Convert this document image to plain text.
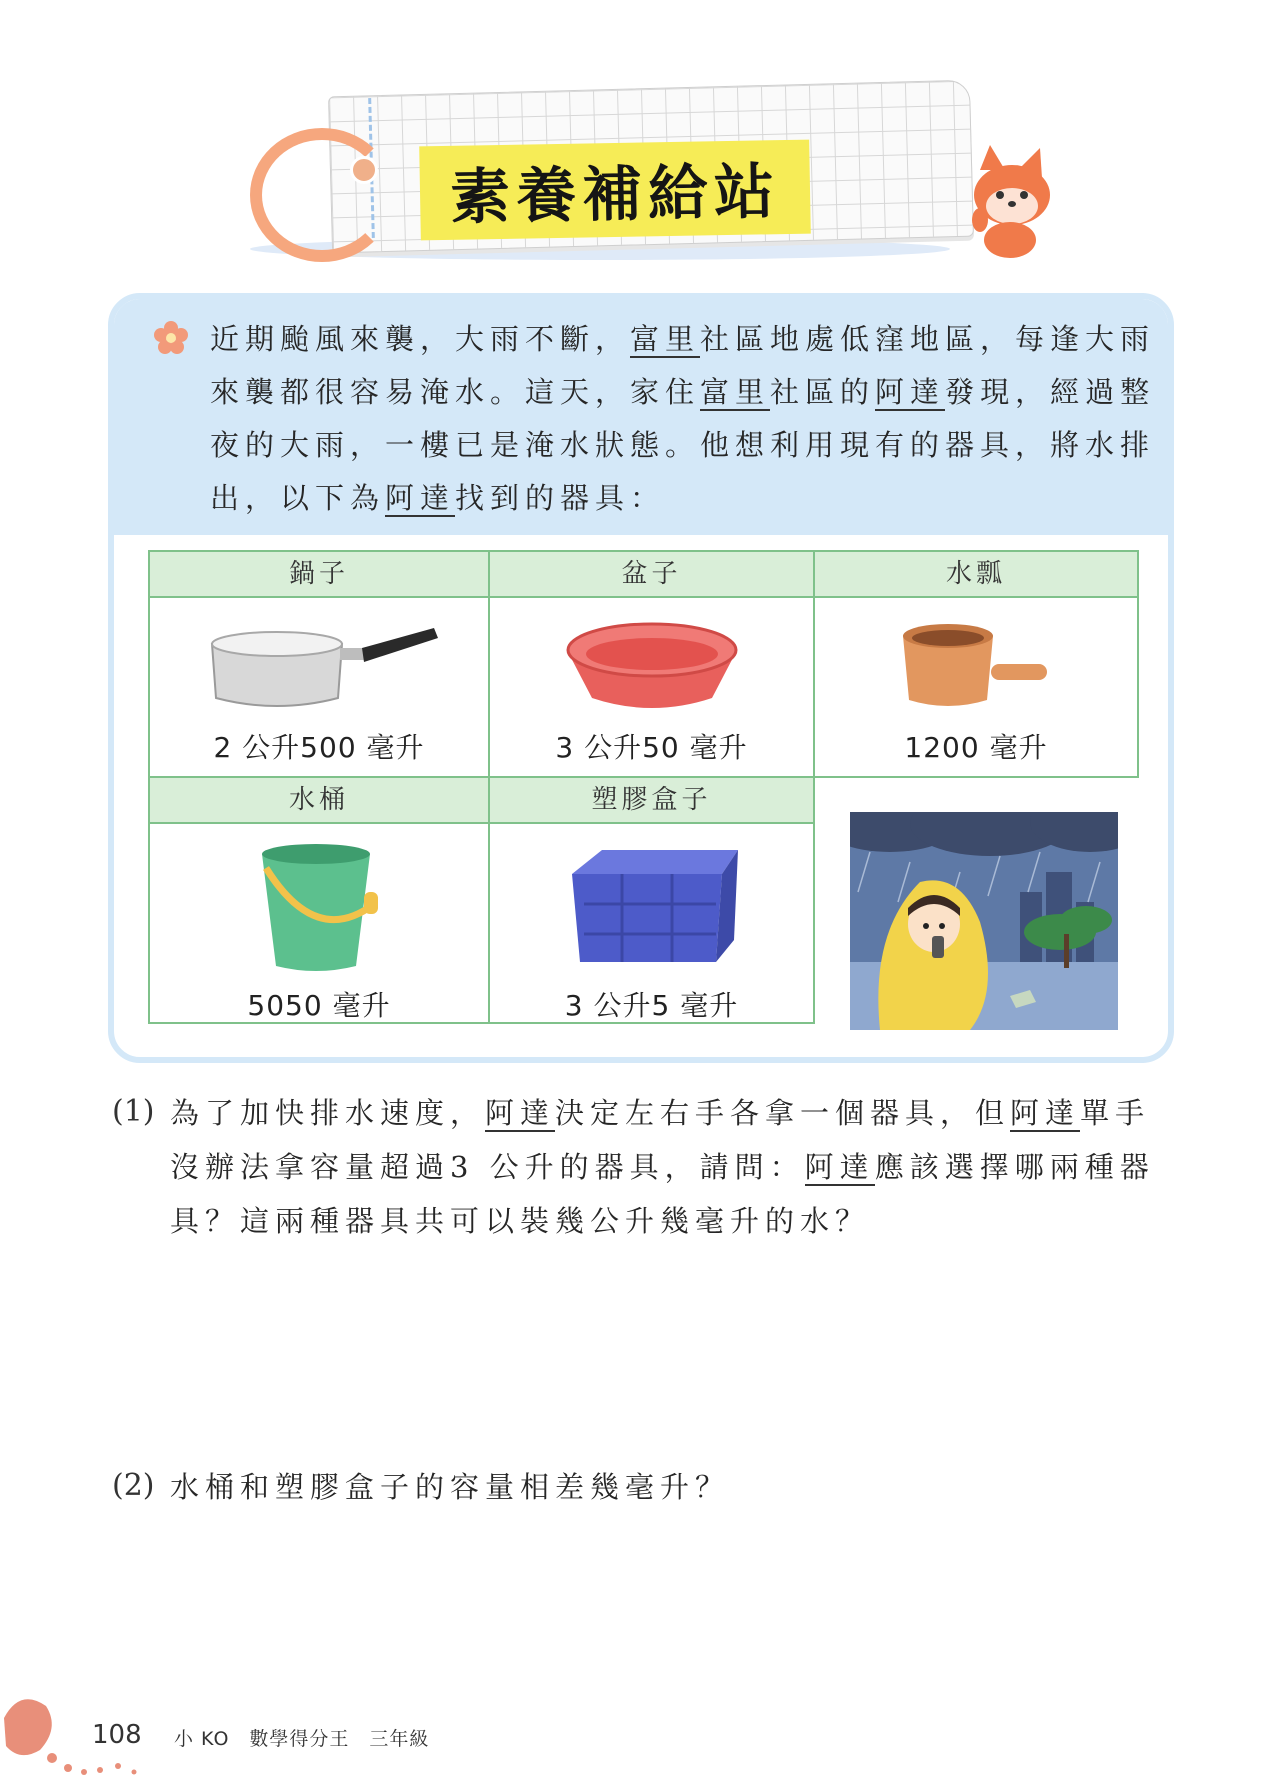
素養補給站

近期颱風來襲，大雨不斷，富里社區地處低窪地區，每逢大雨來襲都很容易淹水。這天，家住富里社區的阿達發現，經過整夜的大雨，一樓已是淹水狀態。他想利用現有的器具，將水排出，以下為阿達找到的器具：

鍋子	盆子	水瓢
2 公升500 毫升	3 公升50 毫升	1200 毫升
水桶	塑膠盒子
5050 毫升	3 公升5 毫升
(1) 為了加快排水速度，阿達決定左右手各拿一個器具，但阿達單手沒辦法拿容量超過3 公升的器具，請問：阿達應該選擇哪兩種器具？這兩種器具共可以裝幾公升幾毫升的水？

(2) 水桶和塑膠盒子的容量相差幾毫升？

108 小 KO　數學得分王　三年級
